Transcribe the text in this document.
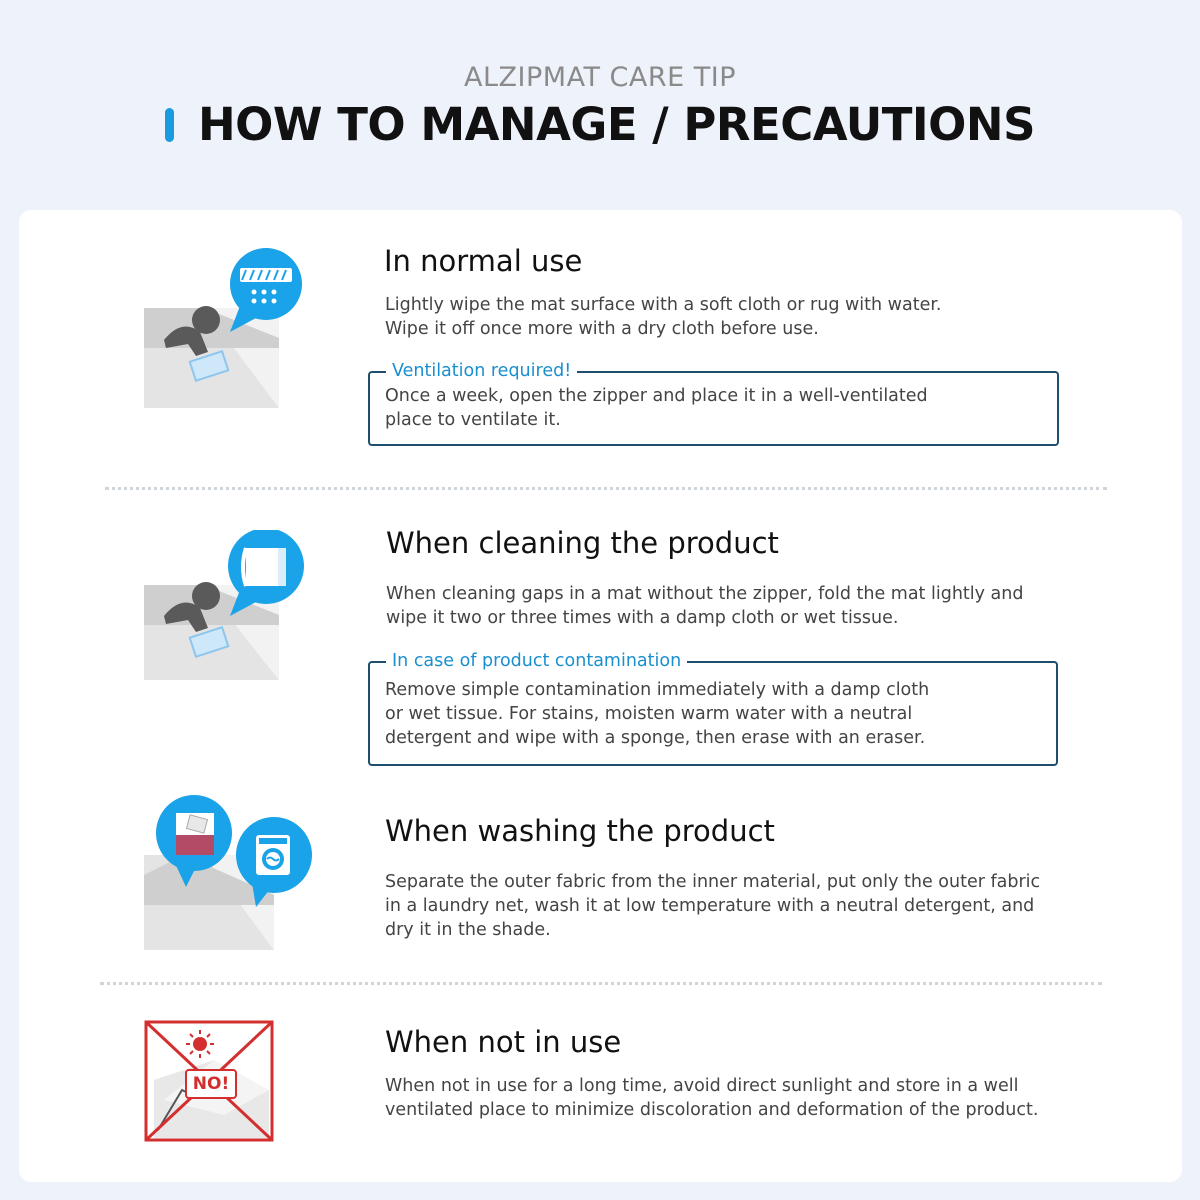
ALZIPMAT CARE TIP
HOW TO MANAGE / PRECAUTIONS
In normal use
Lightly wipe the mat surface with a soft cloth or rug with water.
Wipe it off once more with a dry cloth before use.
Ventilation required!
Once a week, open the zipper and place it in a well-ventilated
place to ventilate it.
When cleaning the product
When cleaning gaps in a mat without the zipper, fold the mat lightly and
wipe it two or three times with a damp cloth or wet tissue.
In case of product contamination
Remove simple contamination immediately with a damp cloth
or wet tissue. For stains, moisten warm water with a neutral
detergent and wipe with a sponge, then erase with an eraser.
When washing the product
Separate the outer fabric from the inner material, put only the outer fabric
in a laundry net, wash it at low temperature with a neutral detergent, and
dry it in the shade.
NO!
When not in use
When not in use for a long time, avoid direct sunlight and store in a well
ventilated place to minimize discoloration and deformation of the product.
